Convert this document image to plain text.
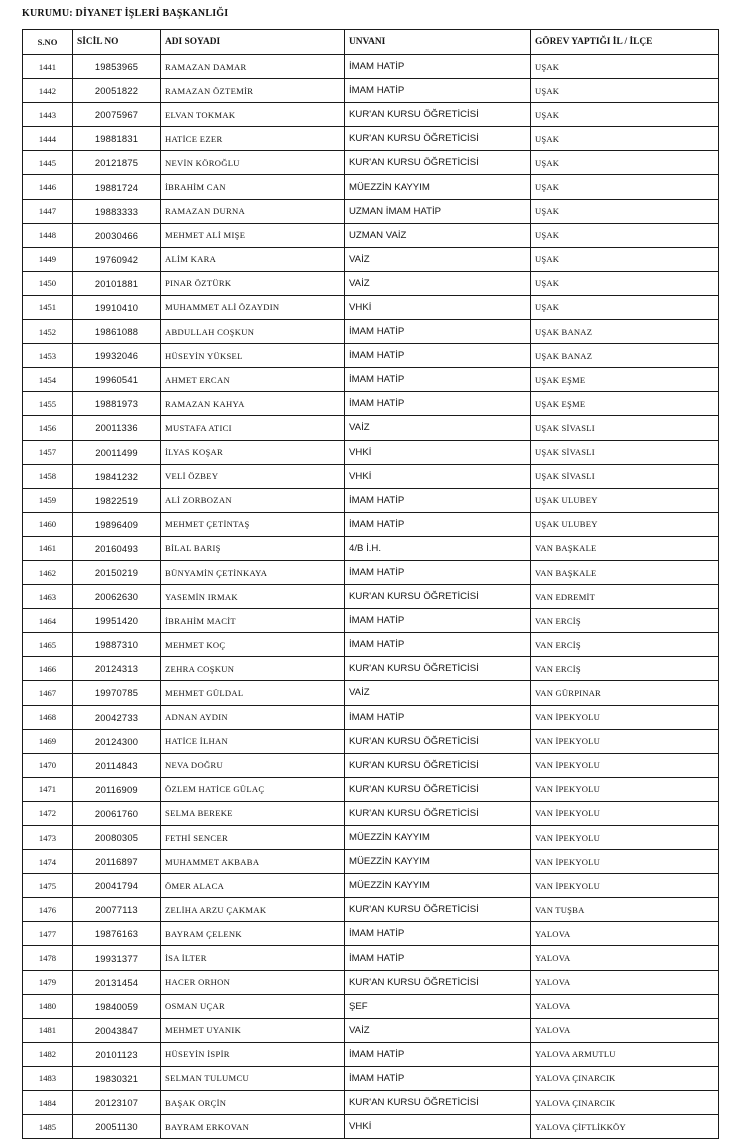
KURUMU: DİYANET İŞLERİ BAŞKANLIĞI
S.NO	SİCİL NO	ADI SOYADI	UNVANI	GÖREV YAPTIĞI İL / İLÇE
1441	19853965	RAMAZAN DAMAR	İMAM HATİP	UŞAK
1442	20051822	RAMAZAN ÖZTEMİR	İMAM HATİP	UŞAK
1443	20075967	ELVAN TOKMAK	KUR'AN KURSU ÖĞRETİCİSİ	UŞAK
1444	19881831	HATİCE EZER	KUR'AN KURSU ÖĞRETİCİSİ	UŞAK
1445	20121875	NEVİN KÖROĞLU	KUR'AN KURSU ÖĞRETİCİSİ	UŞAK
1446	19881724	İBRAHİM CAN	MÜEZZİN KAYYIM	UŞAK
1447	19883333	RAMAZAN DURNA	UZMAN İMAM HATİP	UŞAK
1448	20030466	MEHMET ALİ MIŞE	UZMAN VAİZ	UŞAK
1449	19760942	ALİM KARA	VAİZ	UŞAK
1450	20101881	PINAR ÖZTÜRK	VAİZ	UŞAK
1451	19910410	MUHAMMET ALİ ÖZAYDIN	VHKİ	UŞAK
1452	19861088	ABDULLAH COŞKUN	İMAM HATİP	UŞAK BANAZ
1453	19932046	HÜSEYİN YÜKSEL	İMAM HATİP	UŞAK BANAZ
1454	19960541	AHMET ERCAN	İMAM HATİP	UŞAK EŞME
1455	19881973	RAMAZAN KAHYA	İMAM HATİP	UŞAK EŞME
1456	20011336	MUSTAFA ATICI	VAİZ	UŞAK SİVASLI
1457	20011499	İLYAS KOŞAR	VHKİ	UŞAK SİVASLI
1458	19841232	VELİ ÖZBEY	VHKİ	UŞAK SİVASLI
1459	19822519	ALİ ZORBOZAN	İMAM HATİP	UŞAK ULUBEY
1460	19896409	MEHMET ÇETİNTAŞ	İMAM HATİP	UŞAK ULUBEY
1461	20160493	BİLAL BARIŞ	4/B İ.H.	VAN BAŞKALE
1462	20150219	BÜNYAMİN ÇETİNKAYA	İMAM HATİP	VAN BAŞKALE
1463	20062630	YASEMİN IRMAK	KUR'AN KURSU ÖĞRETİCİSİ	VAN EDREMİT
1464	19951420	İBRAHİM MACİT	İMAM HATİP	VAN ERCİŞ
1465	19887310	MEHMET KOÇ	İMAM HATİP	VAN ERCİŞ
1466	20124313	ZEHRA COŞKUN	KUR'AN KURSU ÖĞRETİCİSİ	VAN ERCİŞ
1467	19970785	MEHMET GÜLDAL	VAİZ	VAN GÜRPINAR
1468	20042733	ADNAN AYDIN	İMAM HATİP	VAN İPEKYOLU
1469	20124300	HATİCE İLHAN	KUR'AN KURSU ÖĞRETİCİSİ	VAN İPEKYOLU
1470	20114843	NEVA DOĞRU	KUR'AN KURSU ÖĞRETİCİSİ	VAN İPEKYOLU
1471	20116909	ÖZLEM HATİCE GÜLAÇ	KUR'AN KURSU ÖĞRETİCİSİ	VAN İPEKYOLU
1472	20061760	SELMA BEREKE	KUR'AN KURSU ÖĞRETİCİSİ	VAN İPEKYOLU
1473	20080305	FETHİ SENCER	MÜEZZİN KAYYIM	VAN İPEKYOLU
1474	20116897	MUHAMMET AKBABA	MÜEZZİN KAYYIM	VAN İPEKYOLU
1475	20041794	ÖMER ALACA	MÜEZZİN KAYYIM	VAN İPEKYOLU
1476	20077113	ZELİHA ARZU ÇAKMAK	KUR'AN KURSU ÖĞRETİCİSİ	VAN TUŞBA
1477	19876163	BAYRAM ÇELENK	İMAM HATİP	YALOVA
1478	19931377	İSA İLTER	İMAM HATİP	YALOVA
1479	20131454	HACER ORHON	KUR'AN KURSU ÖĞRETİCİSİ	YALOVA
1480	19840059	OSMAN UÇAR	ŞEF	YALOVA
1481	20043847	MEHMET UYANIK	VAİZ	YALOVA
1482	20101123	HÜSEYİN İSPİR	İMAM HATİP	YALOVA ARMUTLU
1483	19830321	SELMAN TULUMCU	İMAM HATİP	YALOVA ÇINARCIK
1484	20123107	BAŞAK ORÇİN	KUR'AN KURSU ÖĞRETİCİSİ	YALOVA ÇINARCIK
1485	20051130	BAYRAM ERKOVAN	VHKİ	YALOVA ÇİFTLİKKÖY
